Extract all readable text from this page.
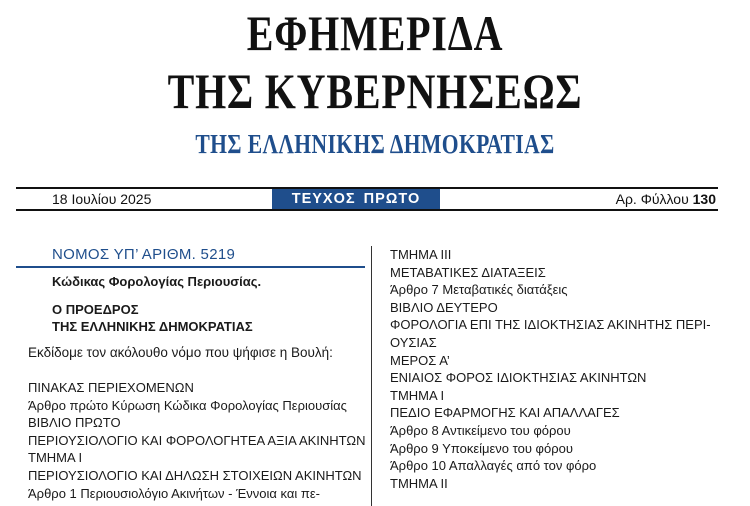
ΕΦΗΜΕΡΙΔΑ
ΤΗΣ ΚΥΒΕΡΝΗΣΕΩΣ
ΤΗΣ ΕΛΛΗΝΙΚΗΣ ΔΗΜΟΚΡΑΤΙΑΣ
18 Ιουλίου 2025	ΤΕΥΧΟΣ ΠΡΩΤΟ	Αρ. Φύλλου 130
ΝΟΜΟΣ ΥΠ’ ΑΡΙΘΜ. 5219
Κώδικας Φορολογίας Περιουσίας.
Ο ΠΡΟΕΔΡΟΣ
ΤΗΣ ΕΛΛΗΝΙΚΗΣ ΔΗΜΟΚΡΑΤΙΑΣ
Εκδίδομε τον ακόλουθο νόμο που ψήφισε η Βουλή:
ΠΙΝΑΚΑΣ ΠΕΡΙΕΧΟΜΕΝΩΝ
Άρθρο πρώτο Κύρωση Κώδικα Φορολογίας Περιουσίας
ΒΙΒΛΙΟ ΠΡΩΤΟ
ΠΕΡΙΟΥΣΙΟΛΟΓΙΟ ΚΑΙ ΦΟΡΟΛΟΓΗΤΕΑ ΑΞΙΑ ΑΚΙΝΗΤΩΝ
ΤΜΗΜΑ Ι
ΠΕΡΙΟΥΣΙΟΛΟΓΙΟ ΚΑΙ ΔΗΛΩΣΗ ΣΤΟΙΧΕΙΩΝ ΑΚΙΝΗΤΩΝ
Άρθρο 1 Περιουσιολόγιο Ακινήτων - Έννοια και πε-
ΤΜΗΜΑ ΙΙΙ
ΜΕΤΑΒΑΤΙΚΕΣ ΔΙΑΤΑΞΕΙΣ
Άρθρο 7 Μεταβατικές διατάξεις
ΒΙΒΛΙΟ ΔΕΥΤΕΡΟ
ΦΟΡΟΛΟΓΙΑ ΕΠΙ ΤΗΣ ΙΔΙΟΚΤΗΣΙΑΣ ΑΚΙΝΗΤΗΣ ΠΕΡΙ-
ΟΥΣΙΑΣ
ΜΕΡΟΣ Α’
ΕΝΙΑΙΟΣ ΦΟΡΟΣ ΙΔΙΟΚΤΗΣΙΑΣ ΑΚΙΝΗΤΩΝ
ΤΜΗΜΑ Ι
ΠΕΔΙΟ ΕΦΑΡΜΟΓΗΣ ΚΑΙ ΑΠΑΛΛΑΓΕΣ
Άρθρο 8 Αντικείμενο του φόρου
Άρθρο 9 Υποκείμενο του φόρου
Άρθρο 10 Απαλλαγές από τον φόρο
ΤΜΗΜΑ ΙΙ
